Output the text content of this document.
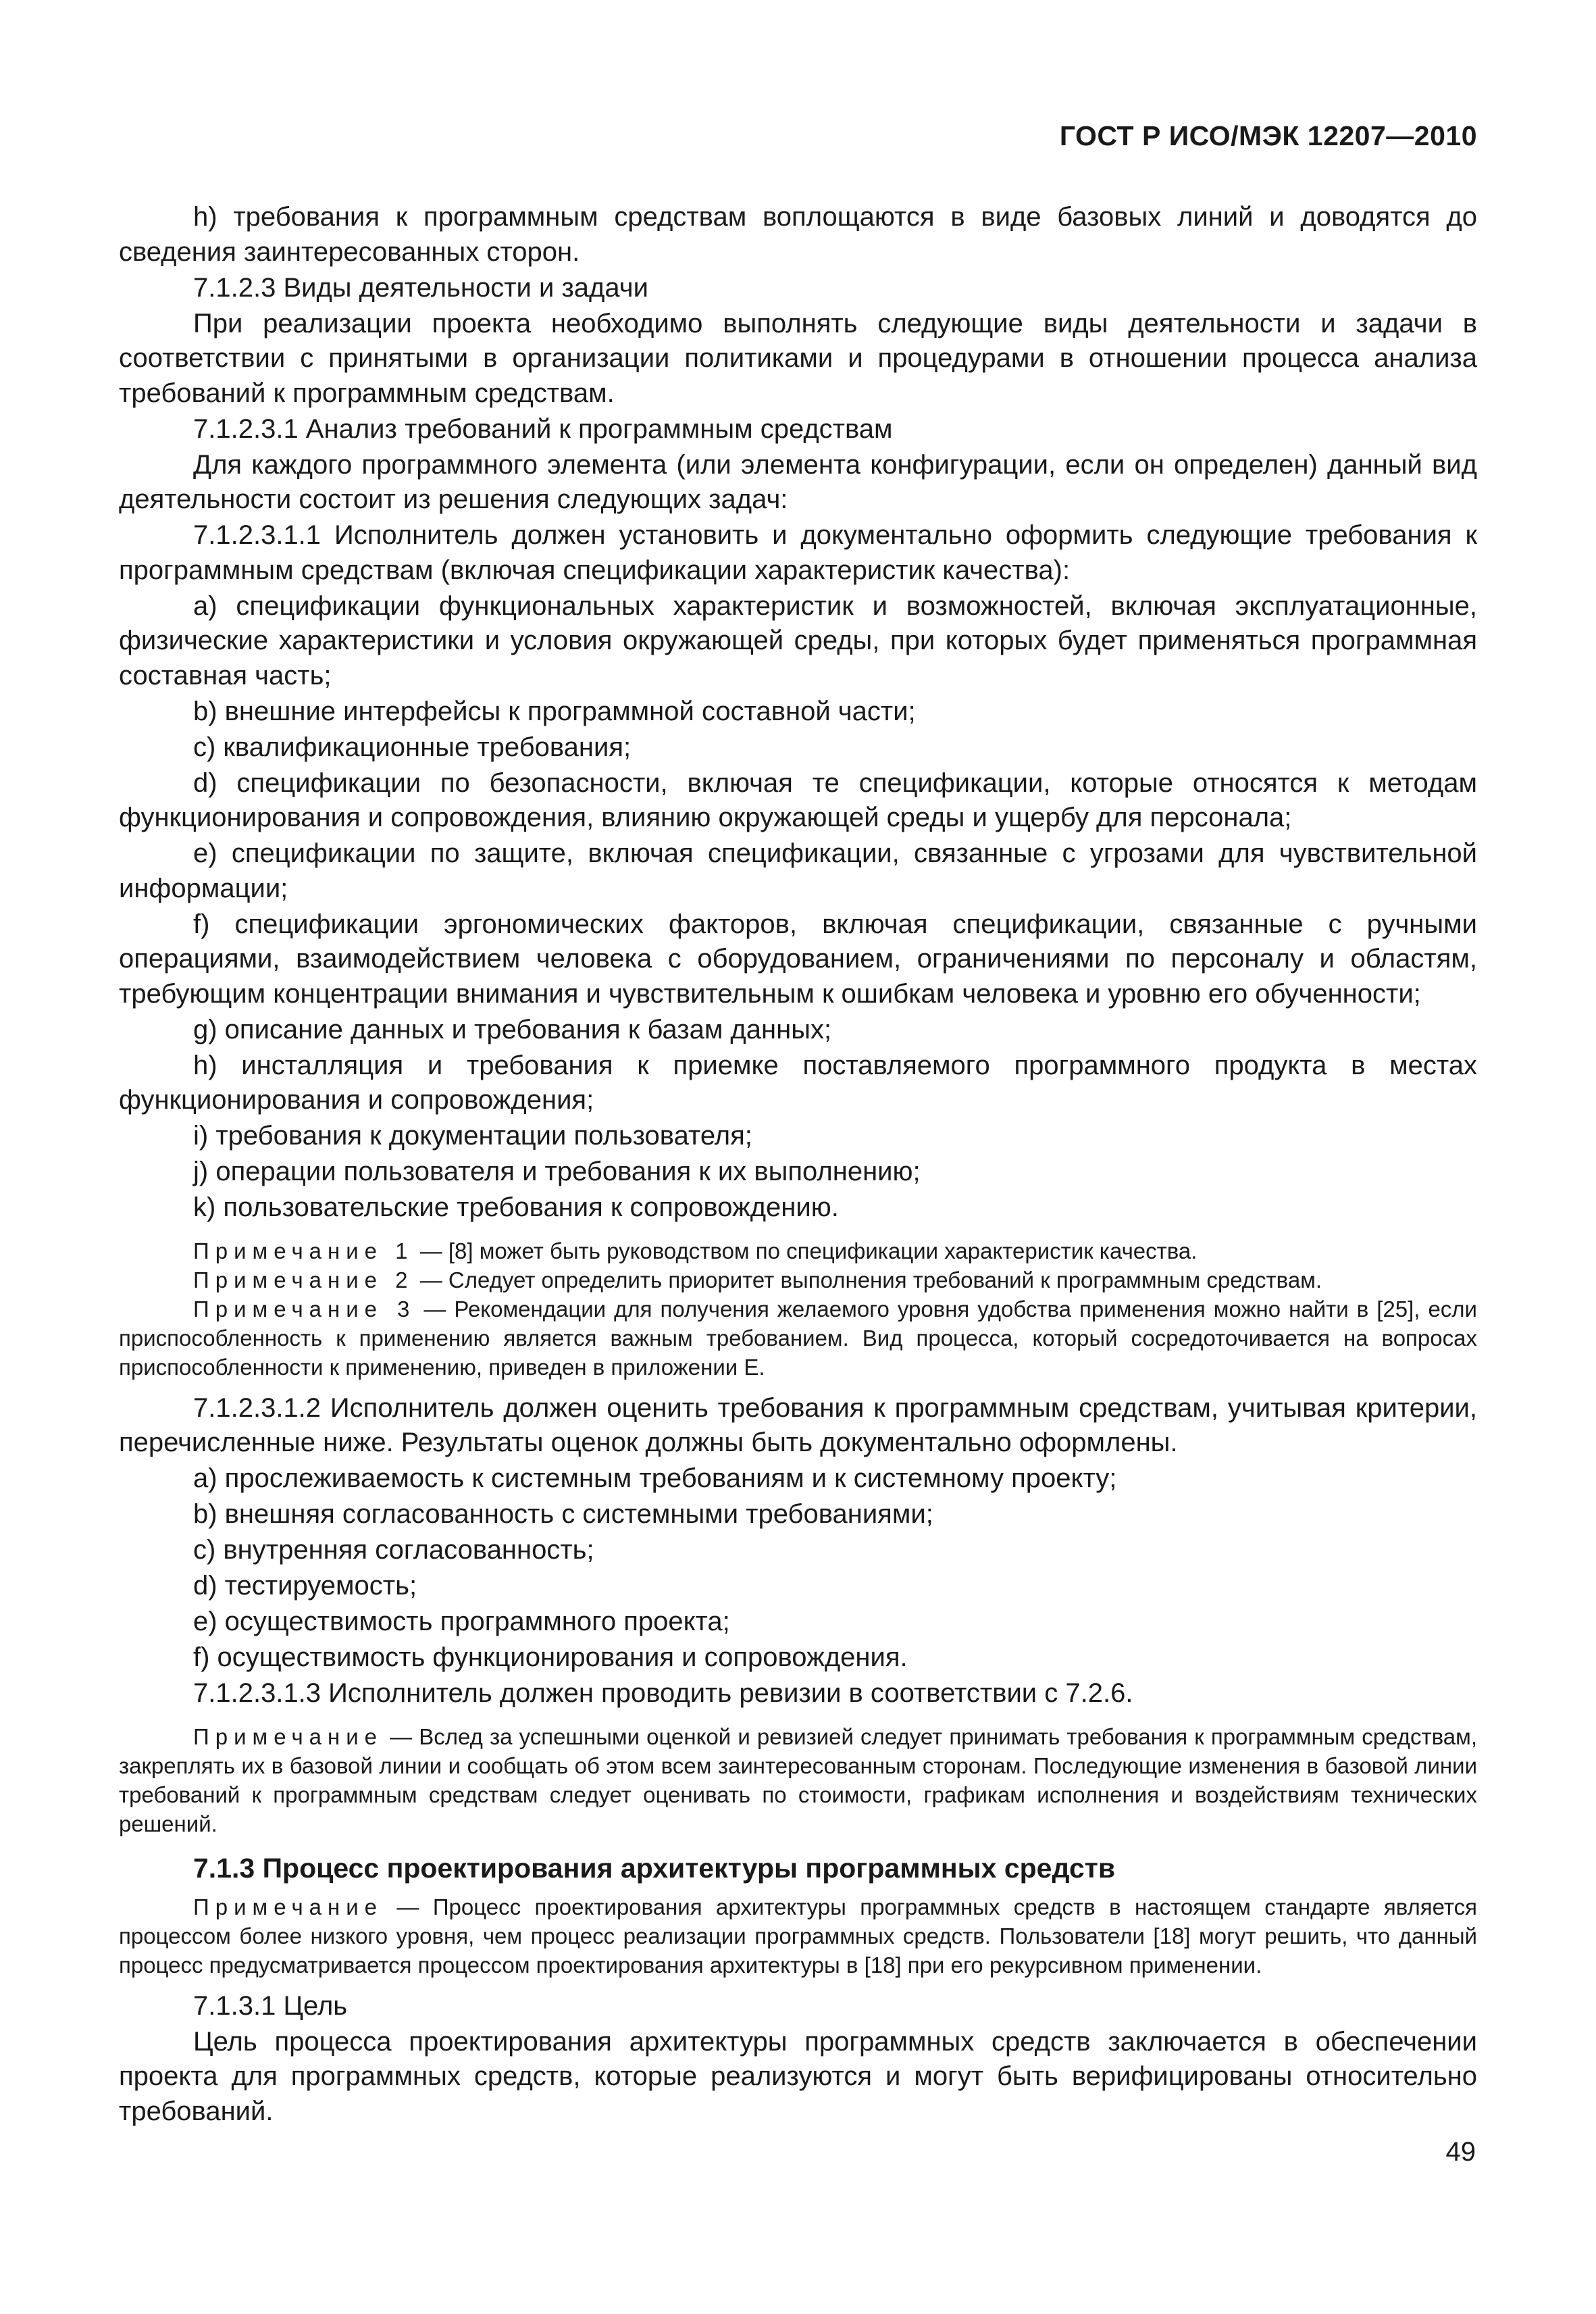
ГОСТ Р ИСО/МЭК 12207—2010

h) требования к программным средствам воплощаются в виде базовых линий и доводятся до сведения заинтересованных сторон.

7.1.2.3 Виды деятельности и задачи

При реализации проекта необходимо выполнять следующие виды деятельности и задачи в соответствии с принятыми в организации политиками и процедурами в отношении процесса анализа требований к программным средствам.

7.1.2.3.1 Анализ требований к программным средствам

Для каждого программного элемента (или элемента конфигурации, если он определен) данный вид деятельности состоит из решения следующих задач:

7.1.2.3.1.1 Исполнитель должен установить и документально оформить следующие требования к программным средствам (включая спецификации характеристик качества):

а) спецификации функциональных характеристик и возможностей, включая эксплуатационные, физические характеристики и условия окружающей среды, при которых будет применяться программная составная часть;

b) внешние интерфейсы к программной составной части;

c) квалификационные требования;

d) спецификации по безопасности, включая те спецификации, которые относятся к методам функционирования и сопровождения, влиянию окружающей среды и ущербу для персонала;

e) спецификации по защите, включая спецификации, связанные с угрозами для чувствительной информации;

f) спецификации эргономических факторов, включая спецификации, связанные с ручными операциями, взаимодействием человека с оборудованием, ограничениями по персоналу и областям, требующим концентрации внимания и чувствительным к ошибкам человека и уровню его обученности;

g) описание данных и требования к базам данных;

h) инсталляция и требования к приемке поставляемого программного продукта в местах функционирования и сопровождения;

i) требования к документации пользователя;

j) операции пользователя и требования к их выполнению;

k) пользовательские требования к сопровождению.

Примечание 1 — [8] может быть руководством по спецификации характеристик качества.

Примечание 2 — Следует определить приоритет выполнения требований к программным средствам.

Примечание 3 — Рекомендации для получения желаемого уровня удобства применения можно найти в [25], если приспособленность к применению является важным требованием. Вид процесса, который сосредоточивается на вопросах приспособленности к применению, приведен в приложении Е.

7.1.2.3.1.2 Исполнитель должен оценить требования к программным средствам, учитывая критерии, перечисленные ниже. Результаты оценок должны быть документально оформлены.

а) прослеживаемость к системным требованиям и к системному проекту;

b) внешняя согласованность с системными требованиями;

c) внутренняя согласованность;

d) тестируемость;

e) осуществимость программного проекта;

f) осуществимость функционирования и сопровождения.

7.1.2.3.1.3 Исполнитель должен проводить ревизии в соответствии с 7.2.6.

Примечание — Вслед за успешными оценкой и ревизией следует принимать требования к программным средствам, закреплять их в базовой линии и сообщать об этом всем заинтересованным сторонам. Последующие изменения в базовой линии требований к программным средствам следует оценивать по стоимости, графикам исполнения и воздействиям технических решений.

7.1.3 Процесс проектирования архитектуры программных средств

Примечание — Процесс проектирования архитектуры программных средств в настоящем стандарте является процессом более низкого уровня, чем процесс реализации программных средств. Пользователи [18] могут решить, что данный процесс предусматривается процессом проектирования архитектуры в [18] при его рекурсивном применении.

7.1.3.1 Цель

Цель процесса проектирования архитектуры программных средств заключается в обеспечении проекта для программных средств, которые реализуются и могут быть верифицированы относительно требований.

49
